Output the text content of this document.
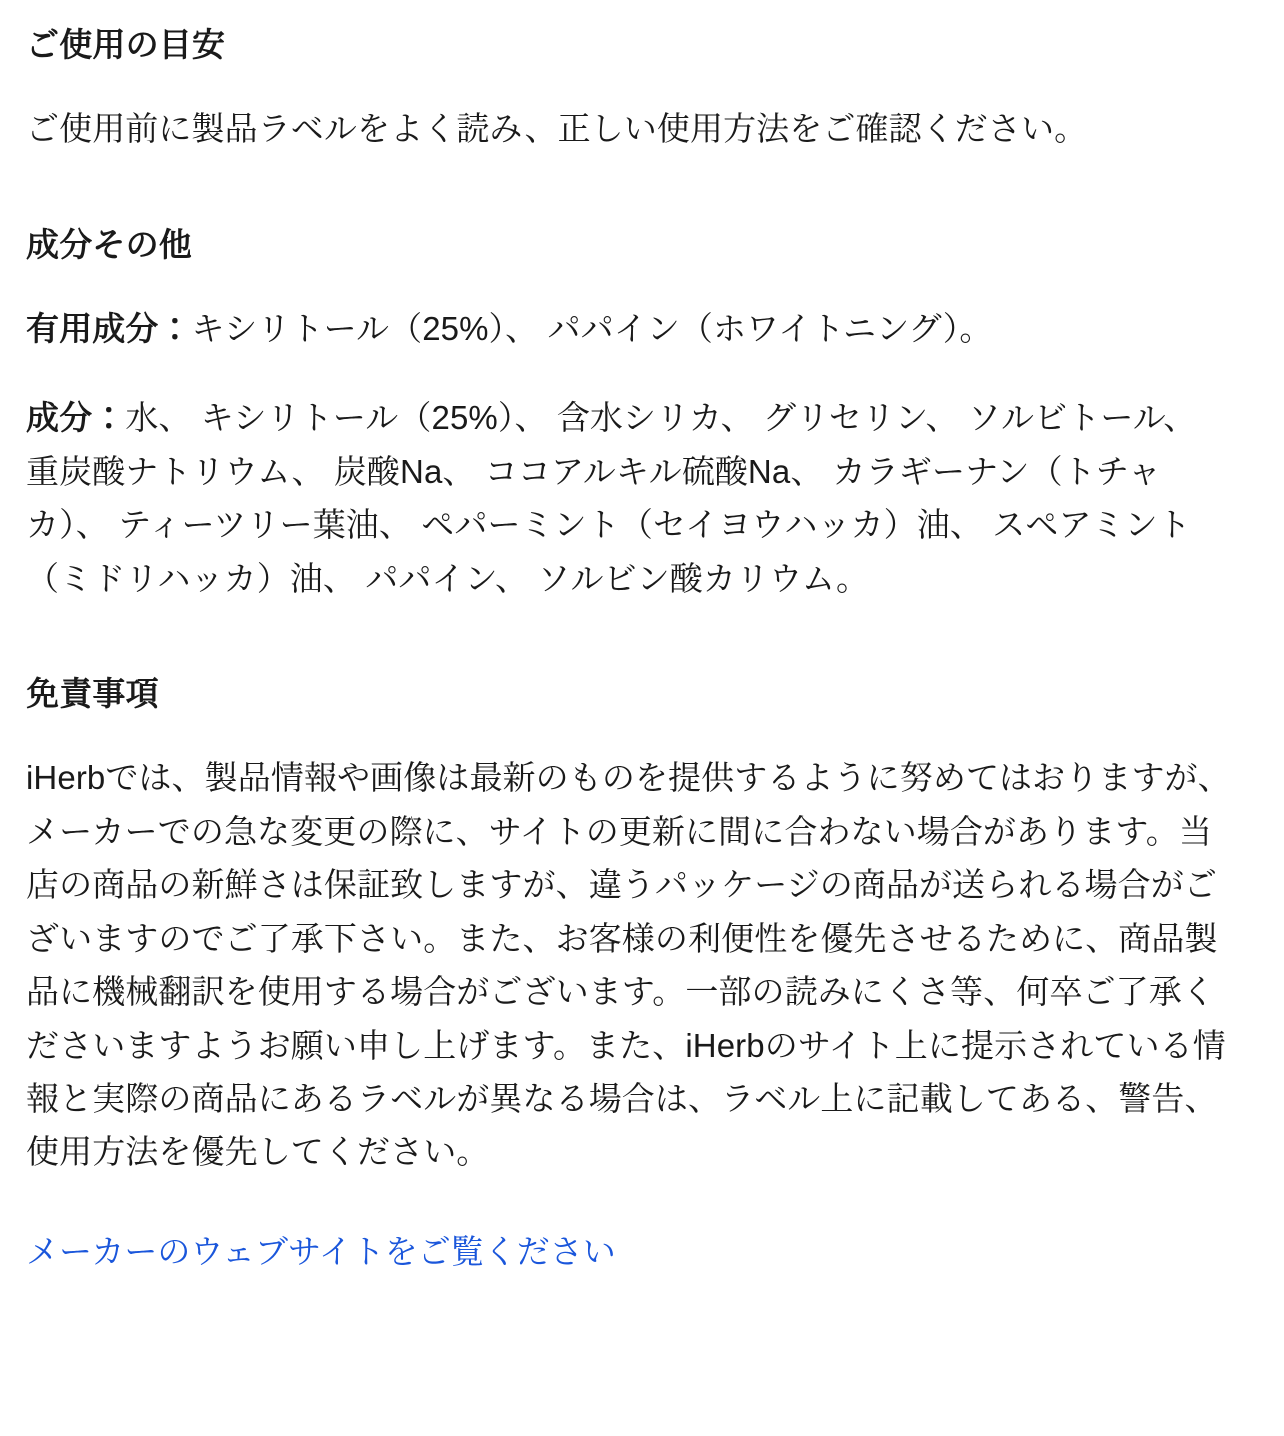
ご使用の目安

ご使用前に製品ラベルをよく読み、正しい使用方法をご確認ください。

成分その他

有用成分：キシリトール（25%）、 パパイン（ホワイトニング）。

成分：水、 キシリトール（25%）、 含水シリカ、 グリセリン、 ソルビトール、 重炭酸ナトリウム、 炭酸Na、 ココアルキル硫酸Na、 カラギーナン（トチャカ）、 ティーツリー葉油、 ペパーミント（セイヨウハッカ）油、 スペアミント（ミドリハッカ）油、 パパイン、 ソルビン酸カリウム。

免責事項

iHerbでは、製品情報や画像は最新のものを提供するように努めてはおりますが、メーカーでの急な変更の際に、サイトの更新に間に合わない場合があります。当店の商品の新鮮さは保証致しますが、違うパッケージの商品が送られる場合がございますのでご了承下さい。また、お客様の利便性を優先させるために、商品製品に機械翻訳を使用する場合がございます。一部の読みにくさ等、何卒ご了承くださいますようお願い申し上げます。また、iHerbのサイト上に提示されている情報と実際の商品にあるラベルが異なる場合は、ラベル上に記載してある、警告、使用方法を優先してください。

メーカーのウェブサイトをご覧ください
